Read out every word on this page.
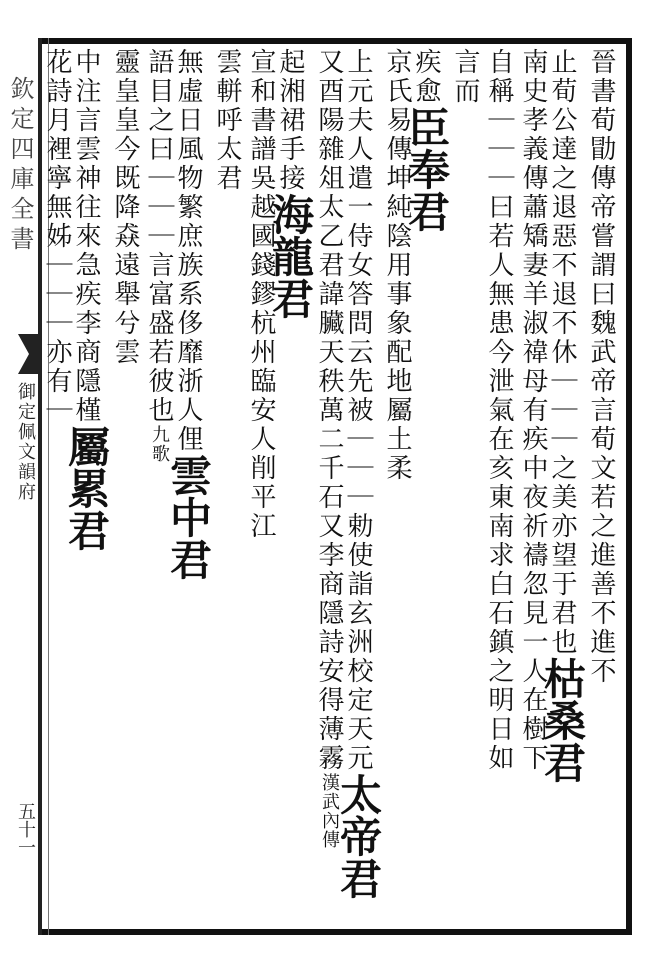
欽定四庫全書
御定佩文韻府
五十一
晉書荀勖傳帝嘗謂曰魏武帝言荀文若之進善不進不
止荀公達之退惡不退不休｜｜｜之美亦望于君也枯桑君
南史孝義傳蕭矯妻羊淑禕母有疾中夜祈禱忽見一人在樹下
自稱｜｜｜曰若人無患今泄氣在亥東南求白石鎮之明日如
言而
疾愈臣奉君
京氏易傳坤純陰用事象配地屬土柔
上元夫人遣一侍女答問云先被｜｜｜勅使詣玄洲校定天元太帝君
又酉陽雜俎太乙君諱臟天秩萬二千石又李商隱詩安得薄霧漢武內傳
起湘裙手接海龍君
宣和書譜吳越國錢鏐杭州臨安人削平江
雲軿呼太君
無虛日風物繁庶族系侈靡浙人俚雲中君
語目之曰｜｜｜言富盛若彼也九歌
靈皇皇今既降猋遠舉兮雲
中注言雲神往來急疾李商隱槿屬累君
花詩月裡寧無姊｜｜｜亦有｜
